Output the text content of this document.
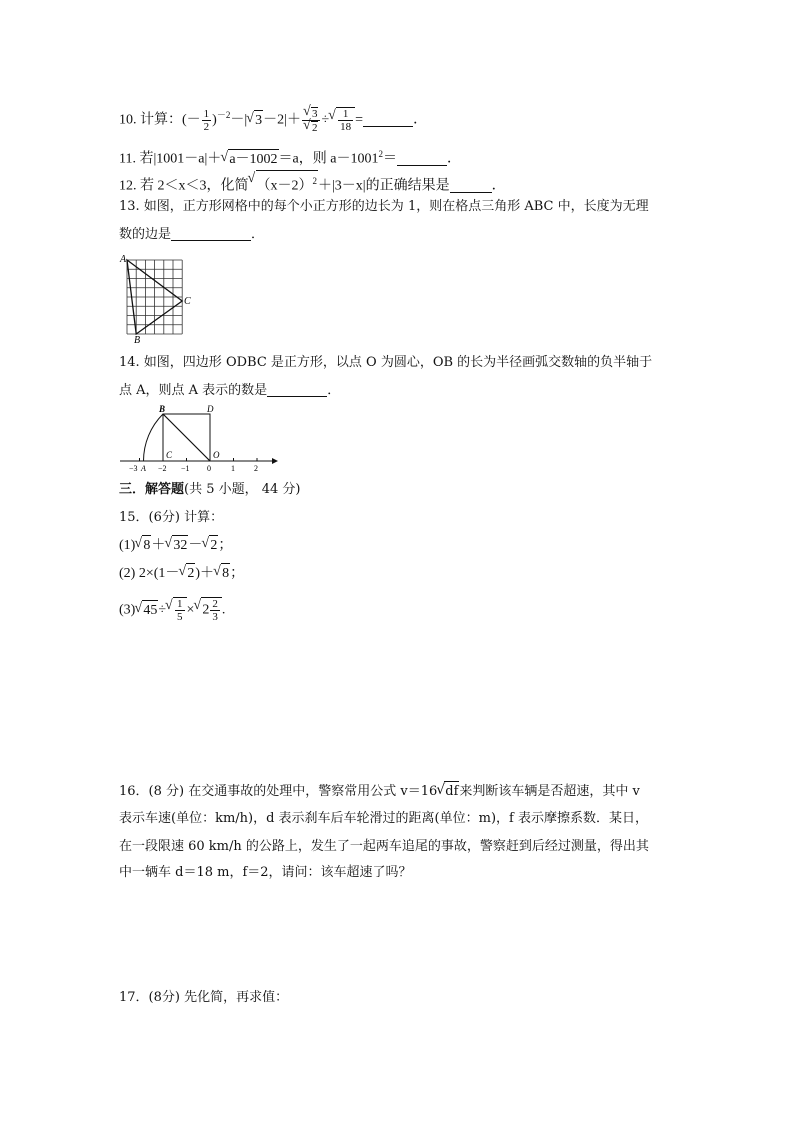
10. 计算：(－ $\frac{1}{2} )^{-2}-|√$ 3－2|＋
√ 3
√ 2 ÷
√ $\frac{1}{18}$ =	．
11. 若|1001－a|＋√ a－1002＝a，则 $a-1001^2=$	．
12. 若 2＜x＜3，化简√ $(x-2)^2+|3-x|$的正确结果是	．
13. 如图，正方形网格中的每个小正方形的边长为 1，则在格点三角形 ABC 中，长度为无理
数的边是	．
A
B
C
14. 如图，四边形 ODBC 是正方形，以点 O 为圆心，OB 的长为半径画弧交数轴的负半轴于
点 A，则点 A 表示的数是	．
B	D
C	O
−3 A −2 −1 0	1 2
三．解答题(共 5 小题， 44 分)
15．(6分) 计算：
(1)√ 8＋√ 32－√ 2；
(2) 2×(1－√ 2)＋√ 8；
(3)√ 45÷
√ $\frac{1}{5}$ ×√ $2 \frac{2}{3}$ .
16．(8 分) 在交通事故的处理中，警察常用公式 v＝16√ df来判断该车辆是否超速，其中 v
表示车速(单位：km/h)，d 表示刹车后车轮滑过的距离(单位：m)，f 表示摩擦系数．某日，
在一段限速 60 km/h 的公路上，发生了一起两车追尾的事故，警察赶到后经过测量，得出其
中一辆车 d＝18 m，f＝2，请问：该车超速了吗？
17．(8分) 先化简，再求值：
